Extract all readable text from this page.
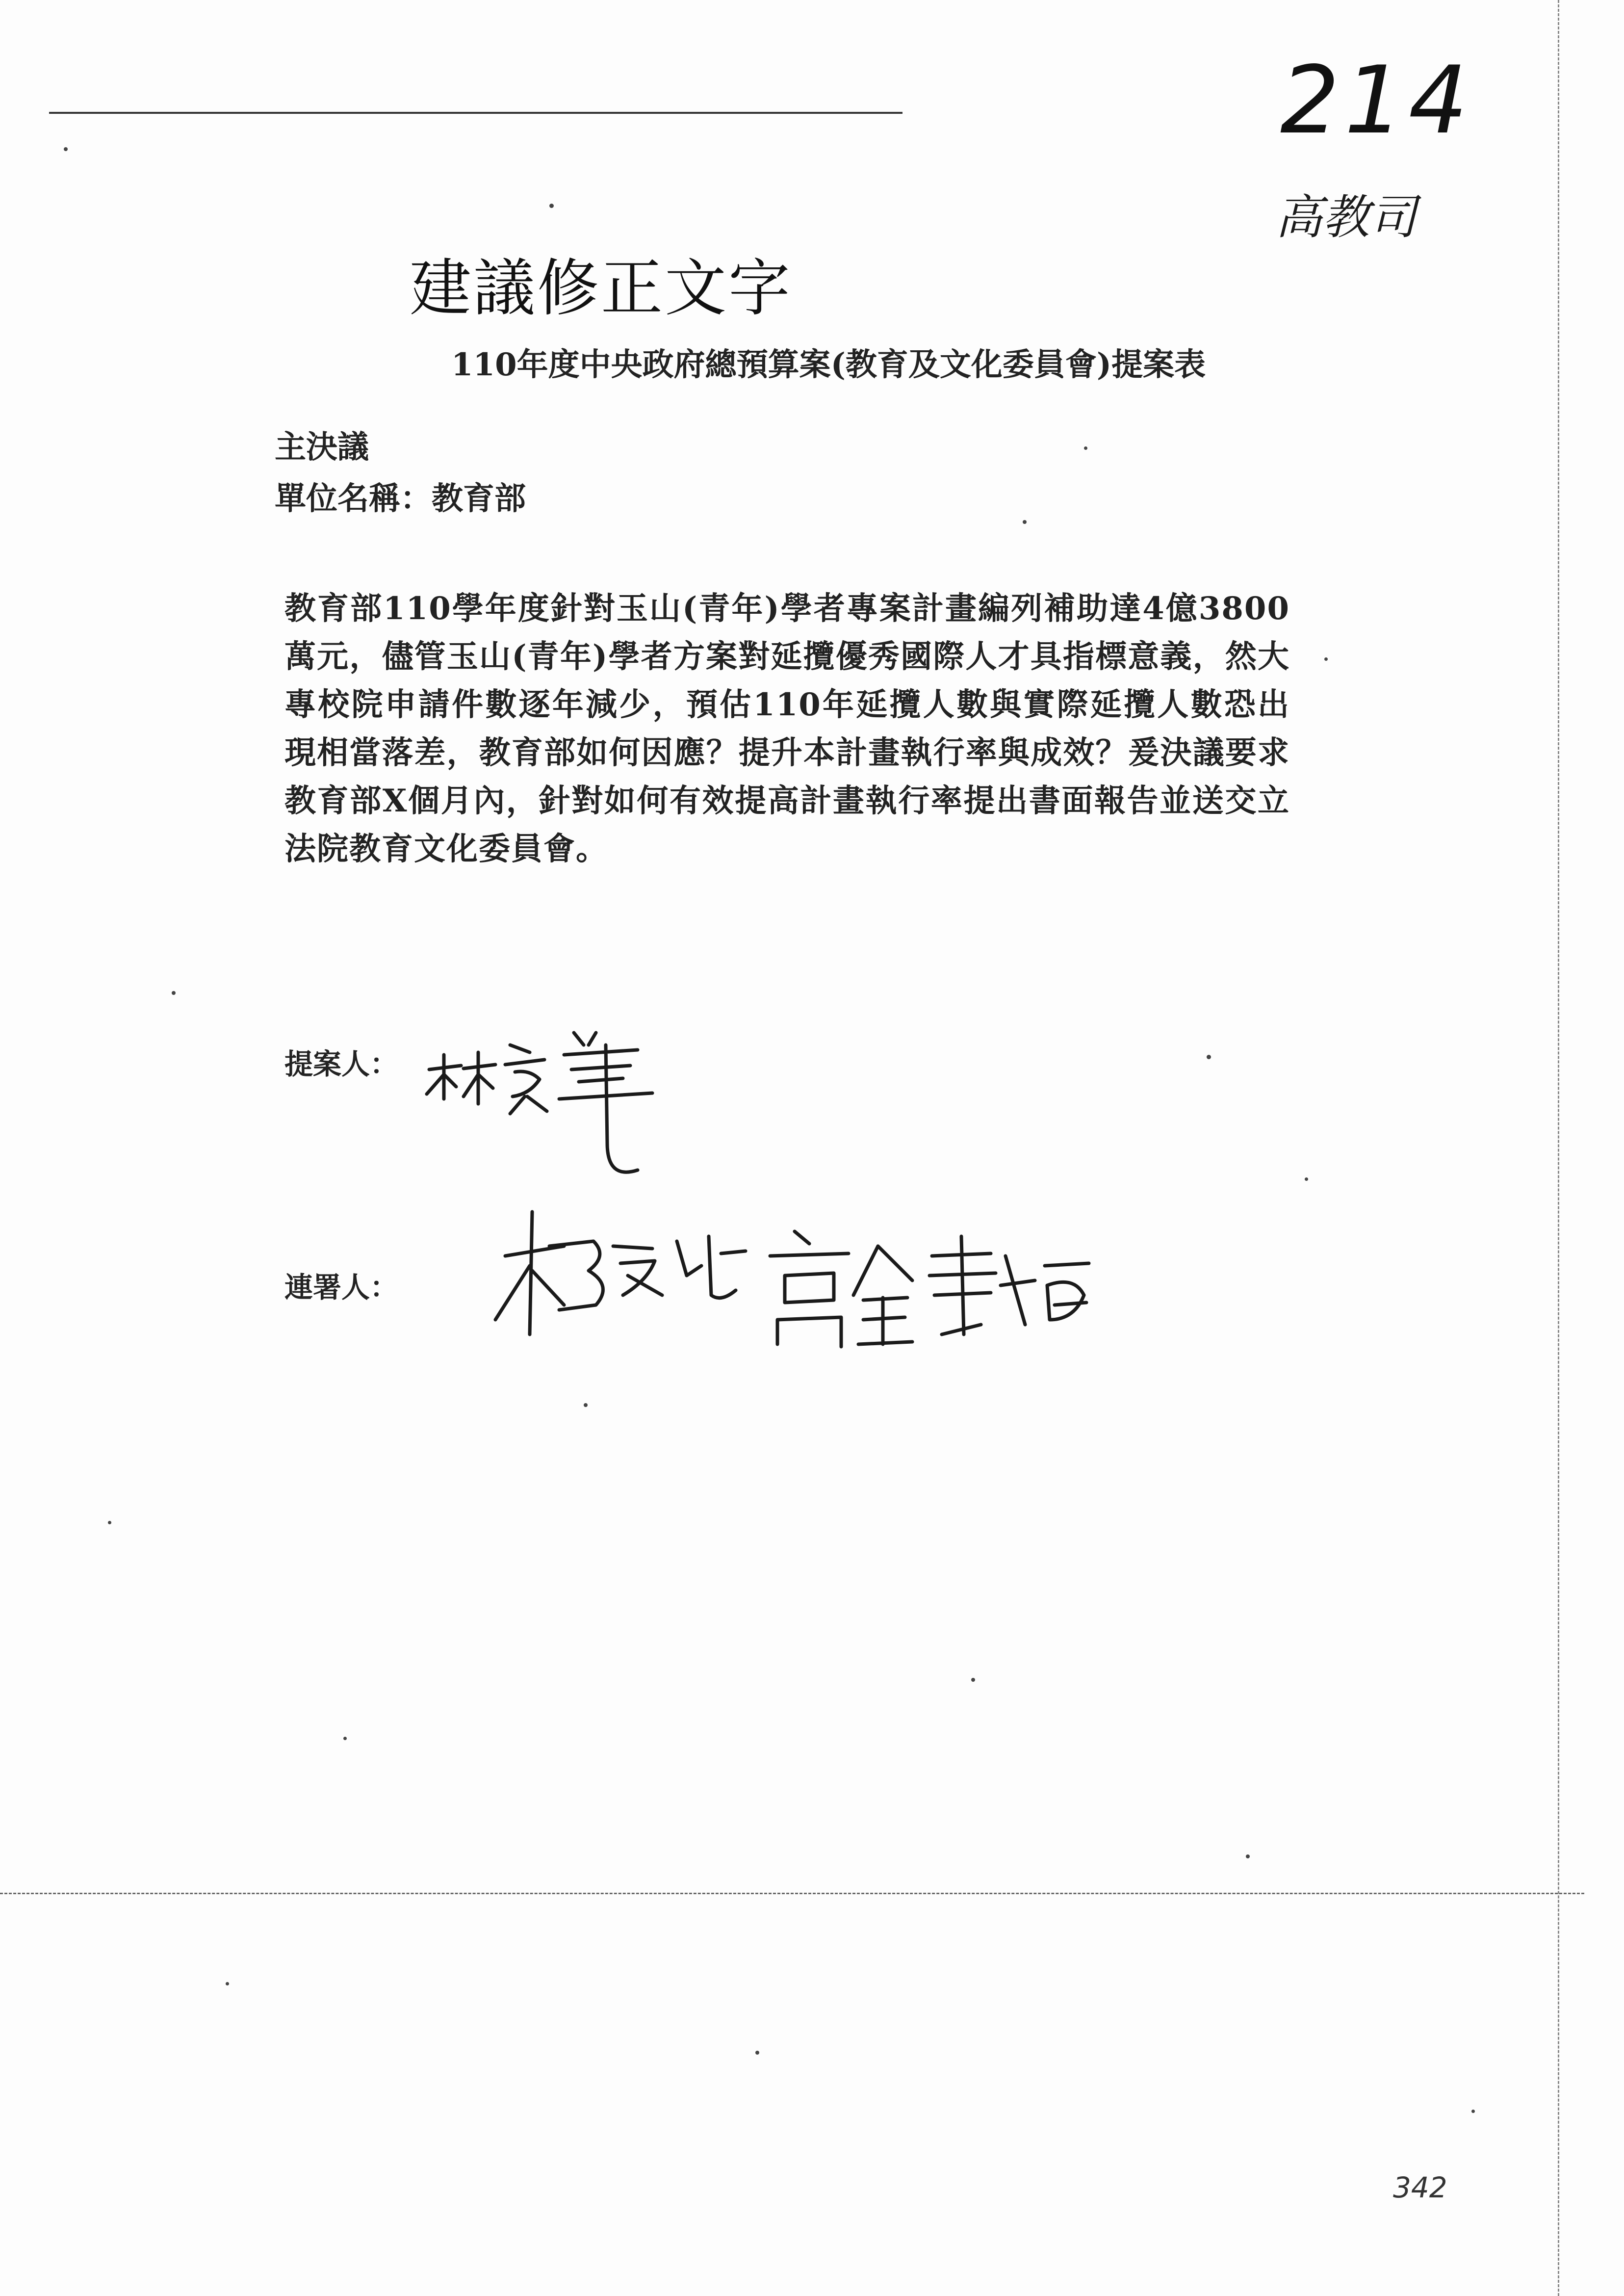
214
高教司
建議修正文字
110年度中央政府總預算案(教育及文化委員會)提案表
主決議
單位名稱：教育部
教育部110學年度針對玉山(青年)學者專案計畫編列補助達4億3800萬元，儘管玉山(青年)學者方案對延攬優秀國際人才具指標意義，然大專校院申請件數逐年減少，預估110年延攬人數與實際延攬人數恐出現相當落差，教育部如何因應？提升本計畫執行率與成效？爰決議要求教育部X個月內，針對如何有效提高計畫執行率提出書面報告並送交立法院教育文化委員會。
提案人：
連署人：
342
